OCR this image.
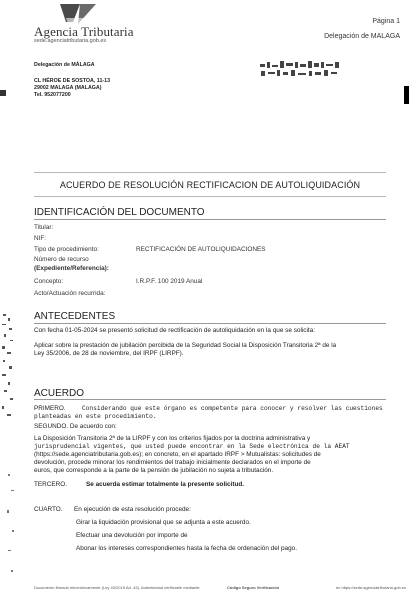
Agencia Tributaria
sede.agenciatributaria.gob.es
Página 1
Delegación de MALAGA
Delegación de MÁLAGA
CL HÉROE DE SOSTOA, 11-13
29002 MALAGA (MALAGA)
Tel. 952077200
ACUERDO DE RESOLUCIÓN RECTIFICACION DE AUTOLIQUIDACIÓN
IDENTIFICACIÓN DEL DOCUMENTO
Titular:
NIF:
Tipo de procedimiento:	RECTIFICACIÓN DE AUTOLIQUIDACIONES
Número de recurso
(Expediente/Referencia):
Concepto:	I.R.P.F. 100 2019 Anual
Acto/Actuación recurrida:
ANTECEDENTES
Con fecha 01-05-2024 se presentó solicitud de rectificación de autoliquidación en la que se solicita:
Aplicar sobre la prestación de jubilación percibida de la Seguridad Social la Disposición Transitoria 2ª de la
Ley 35/2006, de 28 de noviembre, del IRPF (LIRPF).
ACUERDO
PRIMERO.	Considerando que este órgano es competente para conocer y resolver las cuestiones
planteadas en este procedimiento.
SEGUNDO. De acuerdo con:
La Disposición Transitoria 2ª de la LIRPF y con los criterios fijados por la doctrina administrativa y
jurisprudencial vigentes, que usted puede encontrar en la Sede electrónica de la AEAT
(https://sede.agenciatributaria.gob.es); en concreto, en el apartado IRPF > Mutualistas: solicitudes de
devolución, procede minorar los rendimientos del trabajo inicialmente declarados en el importe de
euros, que corresponde a la parte de la pensión de jubilación no sujeta a tributación.
TERCERO.	Se acuerda estimar totalmente la presente solicitud.
CUARTO. En ejecución de esta resolución procede:
Girar la liquidación provisional que se adjunta a este acuerdo.
Efectuar una devolución por importe de
Abonar los intereses correspondientes hasta la fecha de ordenación del pago.
Documento firmado electrónicamente (Ley 40/2015 Art. 43). Autenticidad verificable mediante	Código Seguro Verificación	en https://sede.agenciatributaria.gob.es
